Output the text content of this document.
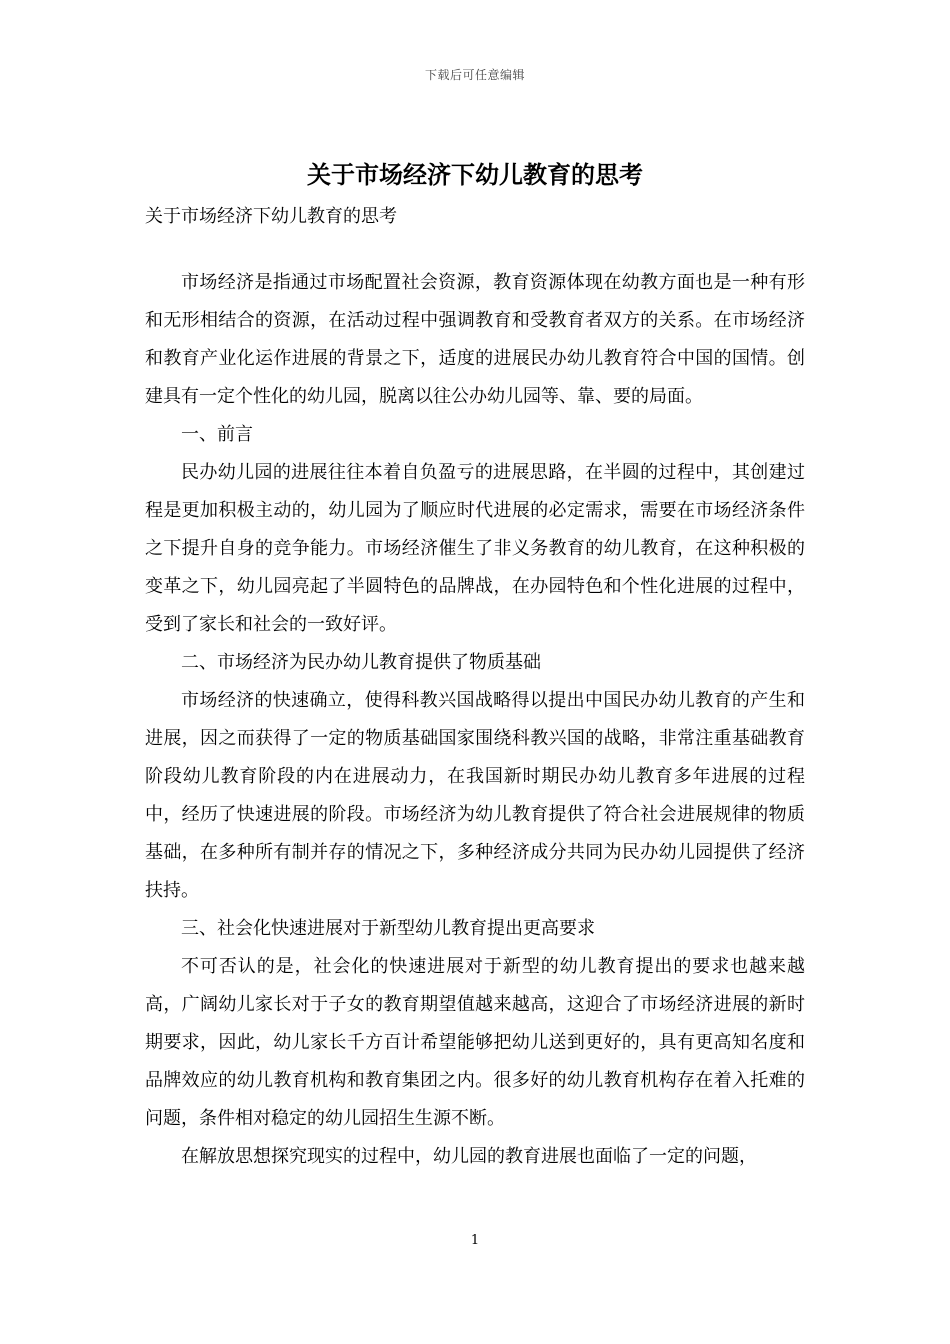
下载后可任意编辑
关于市场经济下幼儿教育的思考

关于市场经济下幼儿教育的思考

市场经济是指通过市场配置社会资源，教育资源体现在幼教方面也是一种有形和无形相结合的资源，在活动过程中强调教育和受教育者双方的关系。在市场经济和教育产业化运作进展的背景之下，适度的进展民办幼儿教育符合中国的国情。创建具有一定个性化的幼儿园，脱离以往公办幼儿园等、靠、要的局面。

一、前言

民办幼儿园的进展往往本着自负盈亏的进展思路，在半圆的过程中，其创建过程是更加积极主动的，幼儿园为了顺应时代进展的必定需求，需要在市场经济条件之下提升自身的竞争能力。市场经济催生了非义务教育的幼儿教育，在这种积极的变革之下，幼儿园亮起了半圆特色的品牌战，在办园特色和个性化进展的过程中，受到了家长和社会的一致好评。

二、市场经济为民办幼儿教育提供了物质基础

市场经济的快速确立，使得科教兴国战略得以提出中国民办幼儿教育的产生和进展，因之而获得了一定的物质基础国家围绕科教兴国的战略，非常注重基础教育阶段幼儿教育阶段的内在进展动力，在我国新时期民办幼儿教育多年进展的过程中，经历了快速进展的阶段。市场经济为幼儿教育提供了符合社会进展规律的物质基础，在多种所有制并存的情况之下，多种经济成分共同为民办幼儿园提供了经济扶持。

三、社会化快速进展对于新型幼儿教育提出更高要求

不可否认的是，社会化的快速进展对于新型的幼儿教育提出的要求也越来越高，广阔幼儿家长对于子女的教育期望值越来越高，这迎合了市场经济进展的新时期要求，因此，幼儿家长千方百计希望能够把幼儿送到更好的，具有更高知名度和品牌效应的幼儿教育机构和教育集团之内。很多好的幼儿教育机构存在着入托难的问题，条件相对稳定的幼儿园招生生源不断。

在解放思想探究现实的过程中，幼儿园的教育进展也面临了一定的问题，

1
